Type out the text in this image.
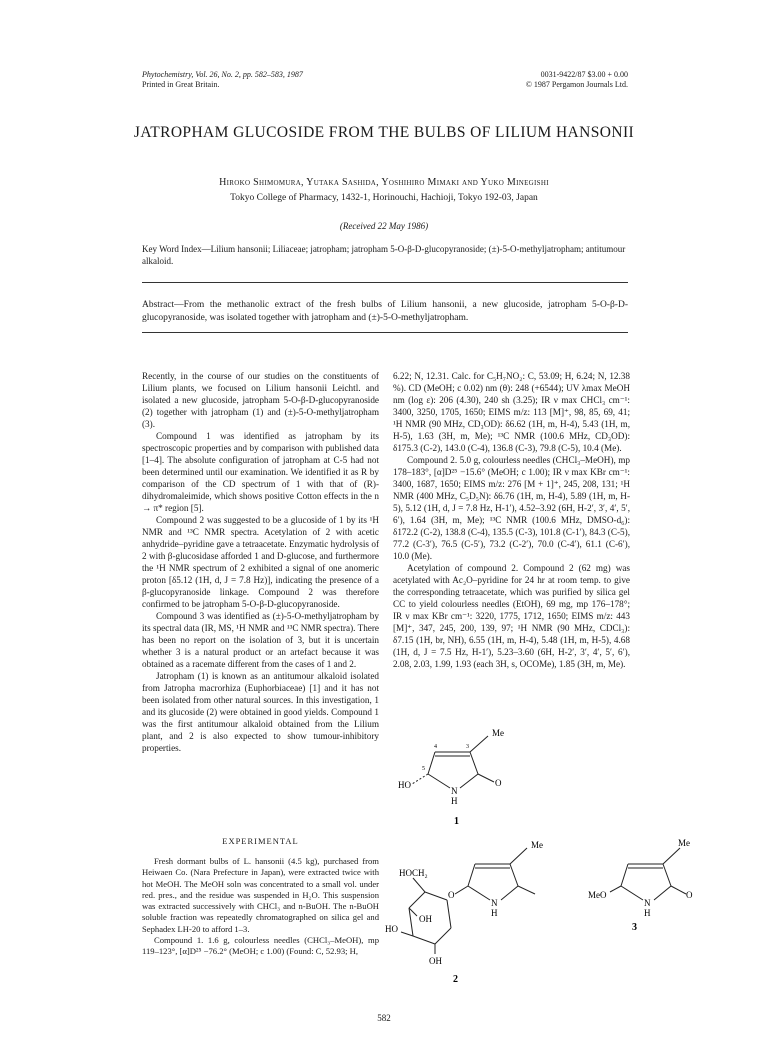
Phytochemistry, Vol. 26, No. 2, pp. 582–583, 1987
Printed in Great Britain.
0031-9422/87 $3.00 + 0.00
© 1987 Pergamon Journals Ltd.
JATROPHAM GLUCOSIDE FROM THE BULBS OF LILIUM HANSONII
Hiroko Shimomura, Yutaka Sashida, Yoshihiro Mimaki and Yuko Minegishi
Tokyo College of Pharmacy, 1432-1, Horinouchi, Hachioji, Tokyo 192-03, Japan
(Received 22 May 1986)
Key Word Index—Lilium hansonii; Liliaceae; jatropham; jatropham 5-O-β-D-glucopyranoside; (±)-5-O-methyljatropham; antitumour alkaloid.
Abstract—From the methanolic extract of the fresh bulbs of Lilium hansonii, a new glucoside, jatropham 5-O-β-D-glucopyranoside, was isolated together with jatropham and (±)-5-O-methyljatropham.

Recently, in the course of our studies on the constituents of Lilium plants, we focused on Lilium hansonii Leichtl. and isolated a new glucoside, jatropham 5-O-β-D-glucopyranoside (2) together with jatropham (1) and (±)-5-O-methyljatropham (3).

Compound 1 was identified as jatropham by its spectroscopic properties and by comparison with published data [1–4]. The absolute configuration of jatropham at C-5 had not been determined until our examination. We identified it as R by comparison of the CD spectrum of 1 with that of (R)-dihydromaleimide, which shows positive Cotton effects in the n → π* region [5].

Compound 2 was suggested to be a glucoside of 1 by its ¹H NMR and ¹³C NMR spectra. Acetylation of 2 with acetic anhydride–pyridine gave a tetraacetate. Enzymatic hydrolysis of 2 with β-glucosidase afforded 1 and D-glucose, and furthermore the ¹H NMR spectrum of 2 exhibited a signal of one anomeric proton [δ5.12 (1H, d, J = 7.8 Hz)], indicating the presence of a β-glucopyranoside linkage. Compound 2 was therefore confirmed to be jatropham 5-O-β-D-glucopyranoside.

Compound 3 was identified as (±)-5-O-methyljatropham by its spectral data (IR, MS, ¹H NMR and ¹³C NMR spectra). There has been no report on the isolation of 3, but it is uncertain whether 3 is a natural product or an artefact because it was obtained as a racemate different from the cases of 1 and 2.

Jatropham (1) is known as an antitumour alkaloid isolated from Jatropha macrorhiza (Euphorbiaceae) [1] and it has not been isolated from other natural sources. In this investigation, 1 and its glucoside (2) were obtained in good yields. Compound 1 was the first antitumour alkaloid obtained from the Lilium plant, and 2 is also expected to show tumour-inhibitory properties.

EXPERIMENTAL

Fresh dormant bulbs of L. hansonii (4.5 kg), purchased from Heiwaen Co. (Nara Prefecture in Japan), were extracted twice with hot MeOH. The MeOH soln was concentrated to a small vol. under red. pres., and the residue was suspended in H₂O. This suspension was extracted successively with CHCl₃ and n-BuOH. The n-BuOH soluble fraction was repeatedly chromatographed on silica gel and Sephadex LH-20 to afford 1–3.

Compound 1. 1.6 g, colourless needles (CHCl₃–MeOH), mp 119–123°, [α]D²⁵ −76.2° (MeOH; c 1.00) (Found: C, 52.93; H,

6.22; N, 12.31. Calc. for C₅H₇NO₂: C, 53.09; H, 6.24; N, 12.38 %). CD (MeOH; c 0.02) nm (θ): 248 (+6544); UV λmax MeOH nm (log ε): 206 (4.30), 240 sh (3.25); IR ν max CHCl₃ cm⁻¹: 3400, 3250, 1705, 1650; EIMS m/z: 113 [M]⁺, 98, 85, 69, 41; ¹H NMR (90 MHz, CD₃OD): δ6.62 (1H, m, H-4), 5.43 (1H, m, H-5), 1.63 (3H, m, Me); ¹³C NMR (100.6 MHz, CD₃OD): δ175.3 (C-2), 143.0 (C-4), 136.8 (C-3), 79.8 (C-5), 10.4 (Me).

Compound 2. 5.0 g, colourless needles (CHCl₃–MeOH), mp 178–183°, [α]D²⁵ −15.6° (MeOH; c 1.00); IR ν max KBr cm⁻¹: 3400, 1687, 1650; EIMS m/z: 276 [M + 1]⁺, 245, 208, 131; ¹H NMR (400 MHz, C₅D₅N): δ6.76 (1H, m, H-4), 5.89 (1H, m, H-5), 5.12 (1H, d, J = 7.8 Hz, H-1′), 4.52–3.92 (6H, H-2′, 3′, 4′, 5′, 6′), 1.64 (3H, m, Me); ¹³C NMR (100.6 MHz, DMSO-d₆): δ172.2 (C-2), 138.8 (C-4), 135.5 (C-3), 101.8 (C-1′), 84.3 (C-5), 77.2 (C-3′), 76.5 (C-5′), 73.2 (C-2′), 70.0 (C-4′), 61.1 (C-6′), 10.0 (Me).

Acetylation of compound 2. Compound 2 (62 mg) was acetylated with Ac₂O–pyridine for 24 hr at room temp. to give the corresponding tetraacetate, which was purified by silica gel CC to yield colourless needles (EtOH), 69 mg, mp 176–178°; IR ν max KBr cm⁻¹: 3220, 1775, 1712, 1650; EIMS m/z: 443 [M]⁺, 347, 245, 200, 139, 97; ¹H NMR (90 MHz, CDCl₃): δ7.15 (1H, br, NH), 6.55 (1H, m, H-4), 5.48 (1H, m, H-5), 4.68 (1H, d, J = 7.5 Hz, H-1′), 5.23–3.60 (6H, H-2′, 3′, 4′, 5′, 6′), 2.08, 2.03, 1.99, 1.93 (each 3H, s, OCOMe), 1.85 (3H, m, Me).

Me
4	3
5
N
H
O
HO
1
Me
N
H
O
HOCH₂
OH
HO
OH
2
Me
MeO
N
H
O
3
582
